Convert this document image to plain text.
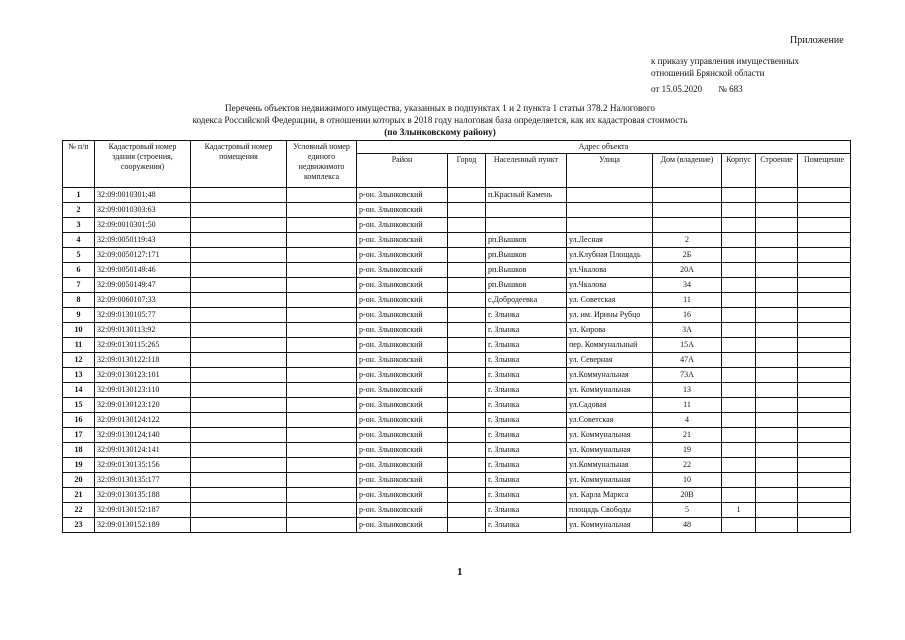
Приложение
к приказу управления имущественных
отношений Брянской области
от 15.05.2020 № 683
Перечень объектов недвижимого имущества, указанных в подпунктах 1 и 2 пункта 1 статьи 378.2 Налогового
кодекса Российской Федерации, в отношении которых в 2018 году налоговая база определяется, как их кадастровая стоимость
(по Злынковскому району)
№ п/п	Кадастровый номер здания (строения, сооружения)	Кадастровый номер помещения	Условный номер единого недвижимого комплекса	Адрес объекта							
				Район	Город	Населенный пункт	Улица	Дом (владение)	Корпус	Строение	Помещение
1	32:09:0010301:48			р-он. Злынковский		п.Красный Камень					
2	32:09:0010303:63			р-он. Злынковский							
3	32:09:0010301:50			р-он. Злынковский							
4	32:09:0050119:43			р-он. Злынковский		рп.Вышков	ул.Лесная	2			
5	32:09:0050127:171			р-он. Злынковский		рп.Вышков	ул.Клубная Площадь	2Б			
6	32:09:0050149:46			р-он. Злынковский		рп.Вышков	ул.Чкалова	20А			
7	32:09:0050149:47			р-он. Злынковский		рп.Вышков	ул.Чкалова	34			
8	32:09:0060107:33			р-он. Злынковский		с.Добродеевка	ул. Советская	11			
9	32:09:0130105:77			р-он. Злынковский		г. Злынка	ул. им. Ирины Рубцо	16			
10	32:09:0130113:92			р-он. Злынковский		г. Злынка	ул. Кирова	3А			
11	32:09:0130115:265			р-он. Злынковский		г. Злынка	пер. Коммунальный	15А			
12	32:09:0130122:118			р-он. Злынковский		г. Злынка	ул. Северная	47А			
13	32:09:0130123:101			р-он. Злынковский		г. Злынка	ул.Коммунальная	73А			
14	32:09:0130123:110			р-он. Злынковский		г. Злынка	ул. Коммунальная	13			
15	32:09:0130123:120			р-он. Злынковский		г. Злынка	ул.Садовая	11			
16	32:09:0130124:122			р-он. Злынковский		г. Злынка	ул.Советская	4			
17	32:09:0130124:140			р-он. Злынковский		г. Злынка	ул. Коммунальная	21			
18	32:09:0130124:141			р-он. Злынковский		г. Злынка	ул. Коммунальная	19			
19	32:09:0130135:156			р-он. Злынковский		г. Злынка	ул.Коммунальная	22			
20	32:09:0130135:177			р-он. Злынковский		г. Злынка	ул. Коммунальная	10			
21	32:09:0130135:188			р-он. Злынковский		г. Злынка	ул. Карла Маркса	20В			
22	32:09:0130152:187			р-он. Злынковский		г. Злынка	площадь Свободы	5	1		
23	32:09:0130152:189			р-он. Злынковский		г. Злынка	ул. Коммунальная	48			
1
